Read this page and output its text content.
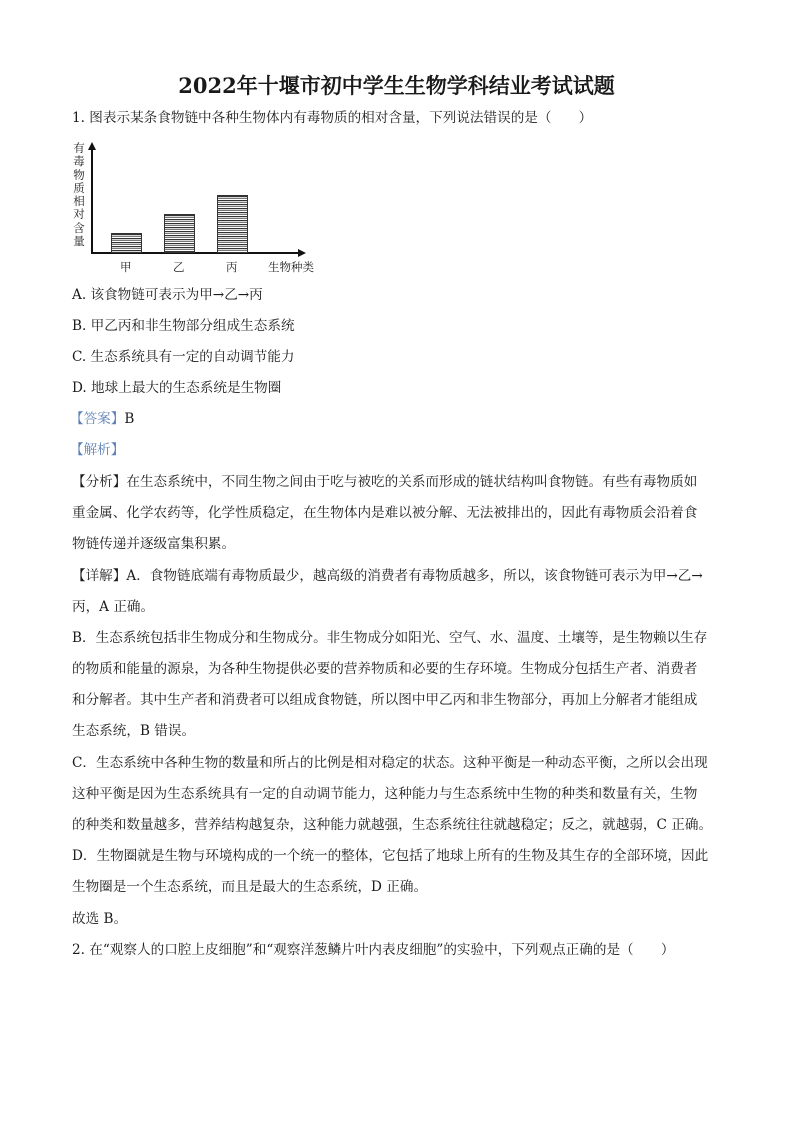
2022年十堰市初中学生生物学科结业考试试题
1. 图表示某条食物链中各种生物体内有毒物质的相对含量，下列说法错误的是（　　）
有
毒
物
质
相
对
含
量
甲	乙	丙	生物种类
A. 该食物链可表示为甲→乙→丙
B. 甲乙丙和非生物部分组成生态系统
C. 生态系统具有一定的自动调节能力
D. 地球上最大的生态系统是生物圈
【答案】B
【解析】
【分析】在生态系统中，不同生物之间由于吃与被吃的关系而形成的链状结构叫食物链。有些有毒物质如
重金属、化学农药等，化学性质稳定，在生物体内是难以被分解、无法被排出的，因此有毒物质会沿着食
物链传递并逐级富集积累。
【详解】A．食物链底端有毒物质最少，越高级的消费者有毒物质越多，所以，该食物链可表示为甲→乙→
丙，A 正确。
B．生态系统包括非生物成分和生物成分。非生物成分如阳光、空气、水、温度、土壤等，是生物赖以生存
的物质和能量的源泉，为各种生物提供必要的营养物质和必要的生存环境。生物成分包括生产者、消费者
和分解者。其中生产者和消费者可以组成食物链，所以图中甲乙丙和非生物部分，再加上分解者才能组成
生态系统，B 错误。
C．生态系统中各种生物的数量和所占的比例是相对稳定的状态。这种平衡是一种动态平衡，之所以会出现
这种平衡是因为生态系统具有一定的自动调节能力，这种能力与生态系统中生物的种类和数量有关，生物
的种类和数量越多，营养结构越复杂，这种能力就越强，生态系统往往就越稳定；反之，就越弱，C 正确。
D．生物圈就是生物与环境构成的一个统一的整体，它包括了地球上所有的生物及其生存的全部环境，因此
生物圈是一个生态系统，而且是最大的生态系统，D 正确。
故选 B。
2. 在“观察人的口腔上皮细胞”和“观察洋葱鳞片叶内表皮细胞”的实验中，下列观点正确的是（　　）
